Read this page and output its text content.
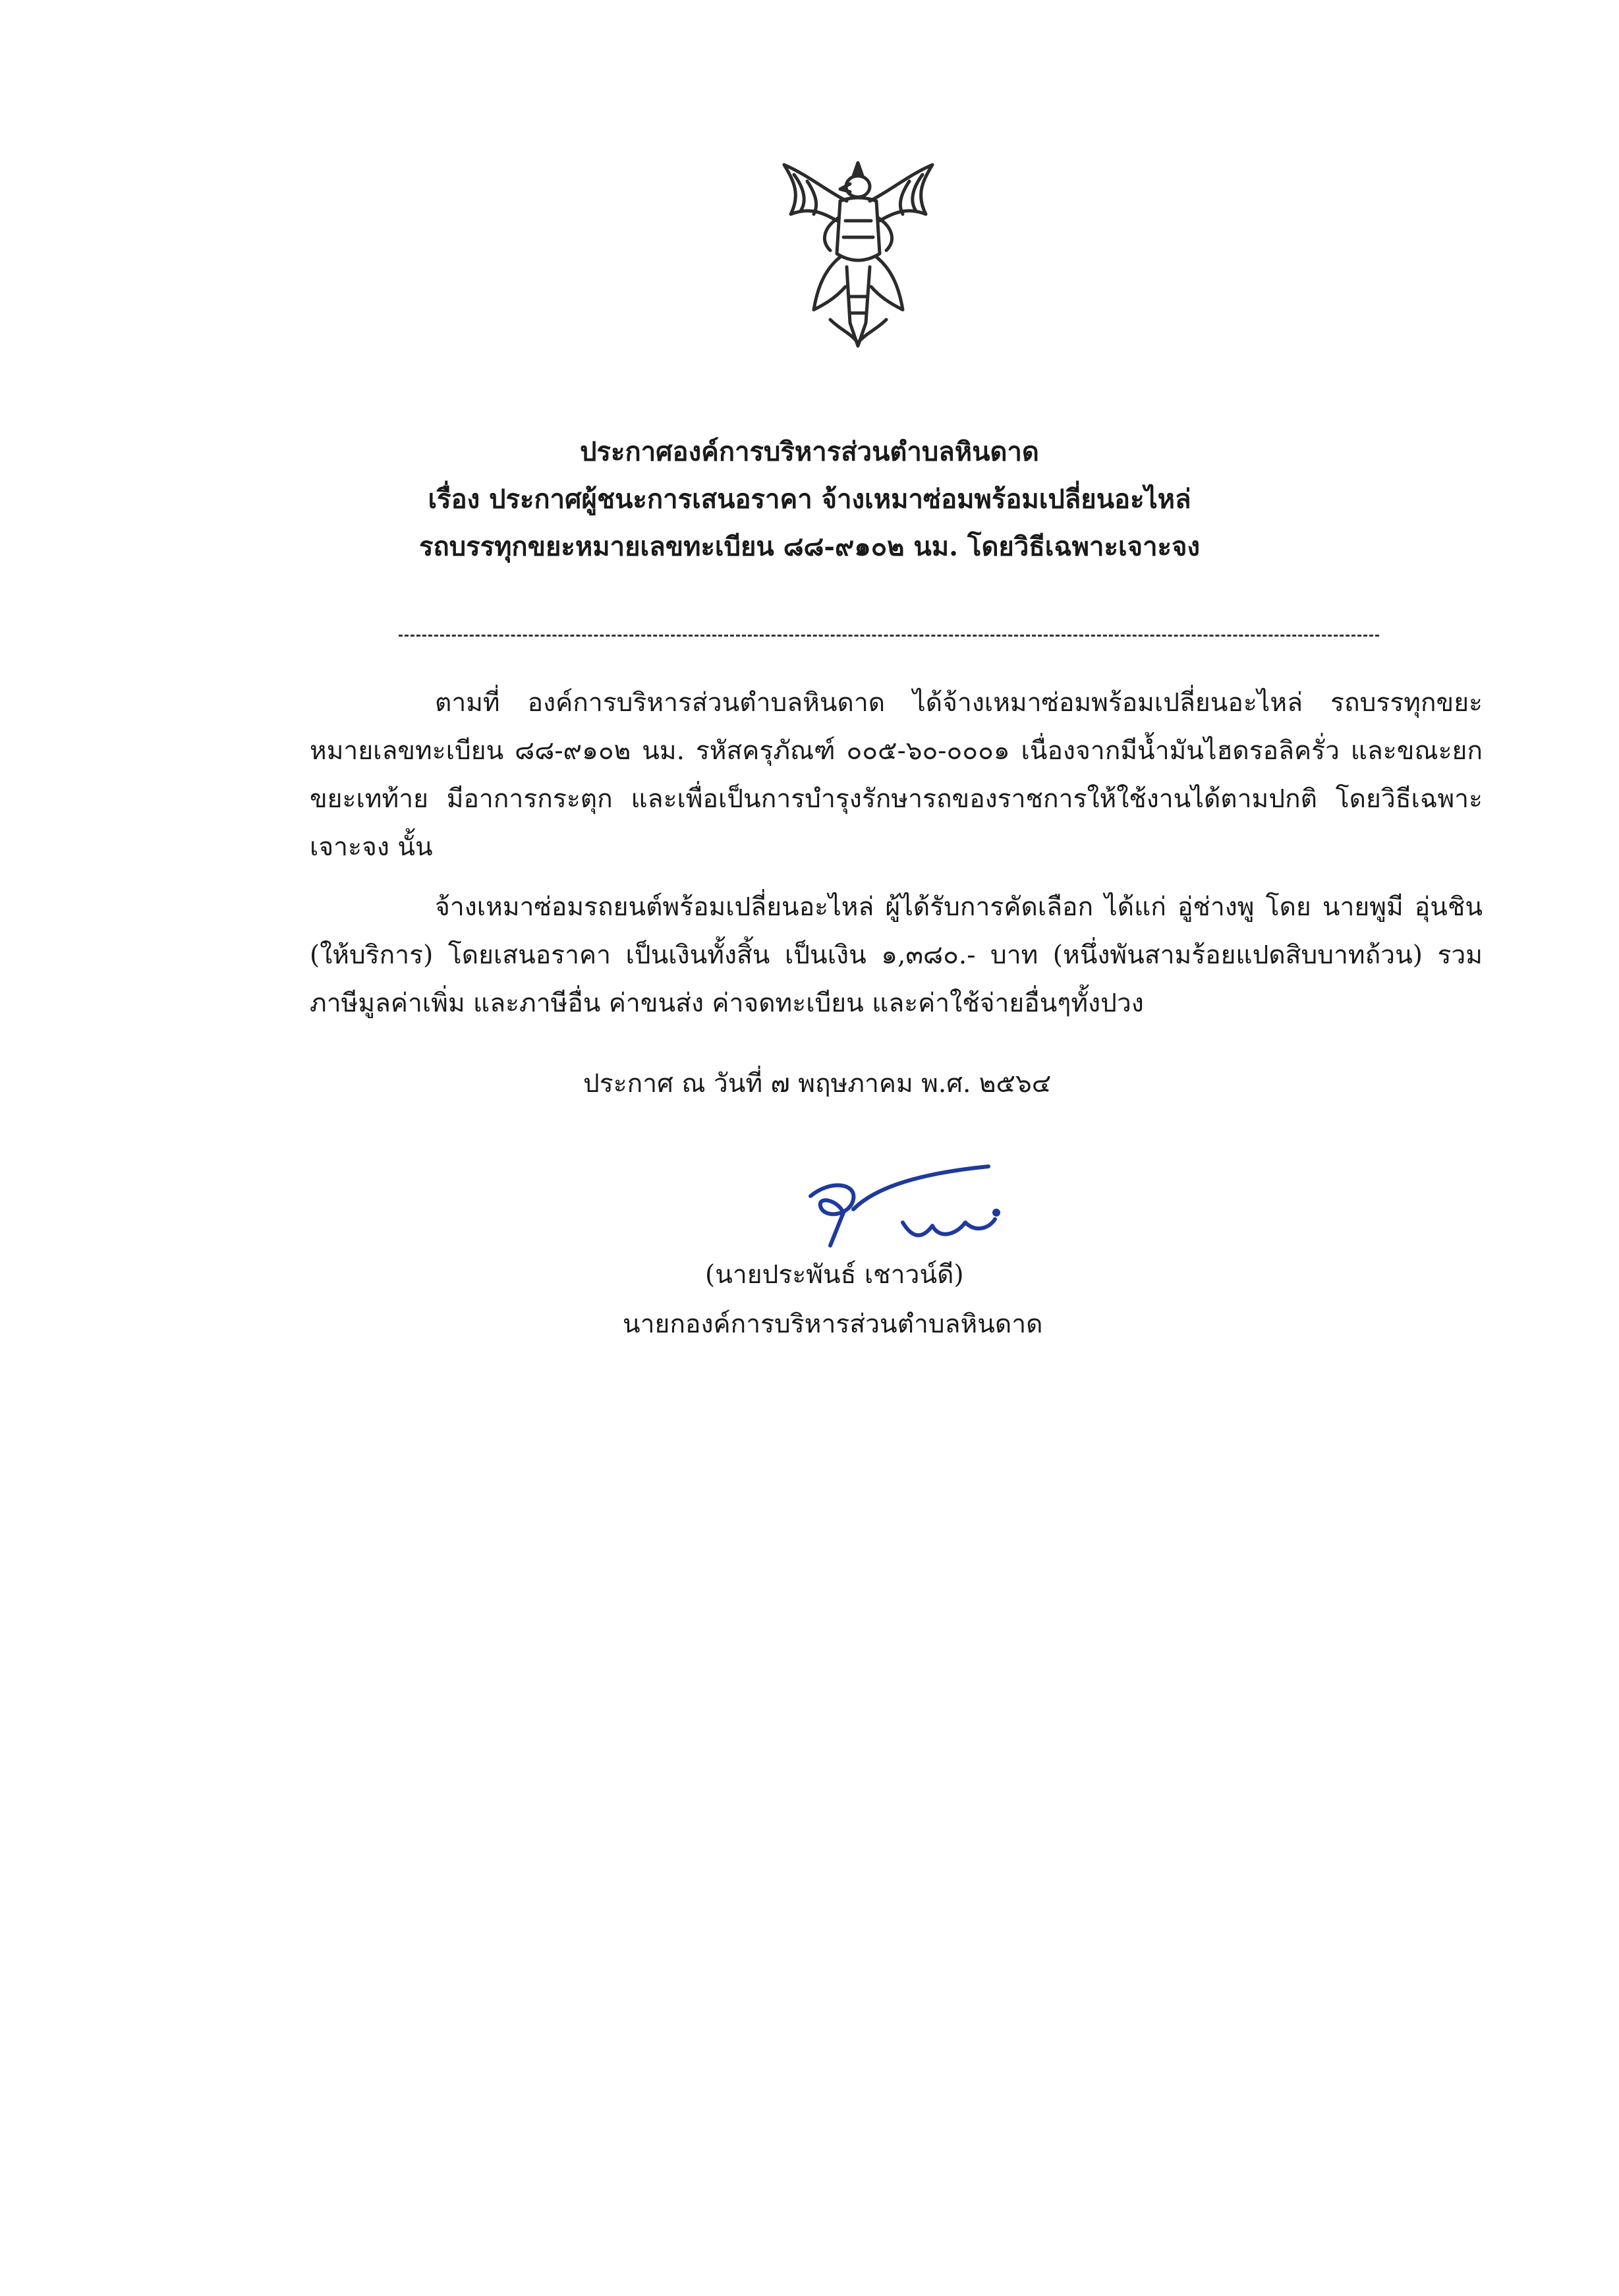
ประกาศองค์การบริหารส่วนตำบลหินดาด
เรื่อง ประกาศผู้ชนะการเสนอราคา จ้างเหมาซ่อมพร้อมเปลี่ยนอะไหล่
รถบรรทุกขยะหมายเลขทะเบียน ๘๘-๙๑๐๒ นม. โดยวิธีเฉพาะเจาะจง
ตามที่ องค์การบริหารส่วนตำบลหินดาด ได้จ้างเหมาซ่อมพร้อมเปลี่ยนอะไหล่ รถบรรทุกขยะหมายเลขทะเบียน ๘๘-๙๑๐๒ นม. รหัสครุภัณฑ์ ๐๐๕-๖๐-๐๐๐๑ เนื่องจากมีน้ำมันไฮดรอลิครั่ว และขณะยกขยะเทท้าย มีอาการกระตุก และเพื่อเป็นการบำรุงรักษารถของราชการให้ใช้งานได้ตามปกติ โดยวิธีเฉพาะเจาะจง นั้น
จ้างเหมาซ่อมรถยนต์พร้อมเปลี่ยนอะไหล่ ผู้ได้รับการคัดเลือก ได้แก่ อู่ช่างพู โดย นายพูมี อุ่นชิน (ให้บริการ) โดยเสนอราคา เป็นเงินทั้งสิ้น เป็นเงิน ๑,๓๘๐.- บาท (หนึ่งพันสามร้อยแปดสิบบาทถ้วน) รวมภาษีมูลค่าเพิ่ม และภาษีอื่น ค่าขนส่ง ค่าจดทะเบียน และค่าใช้จ่ายอื่นๆทั้งปวง
ประกาศ ณ วันที่ ๗ พฤษภาคม พ.ศ. ๒๕๖๔
(นายประพันธ์ เชาวน์ดี)
นายกองค์การบริหารส่วนตำบลหินดาด
